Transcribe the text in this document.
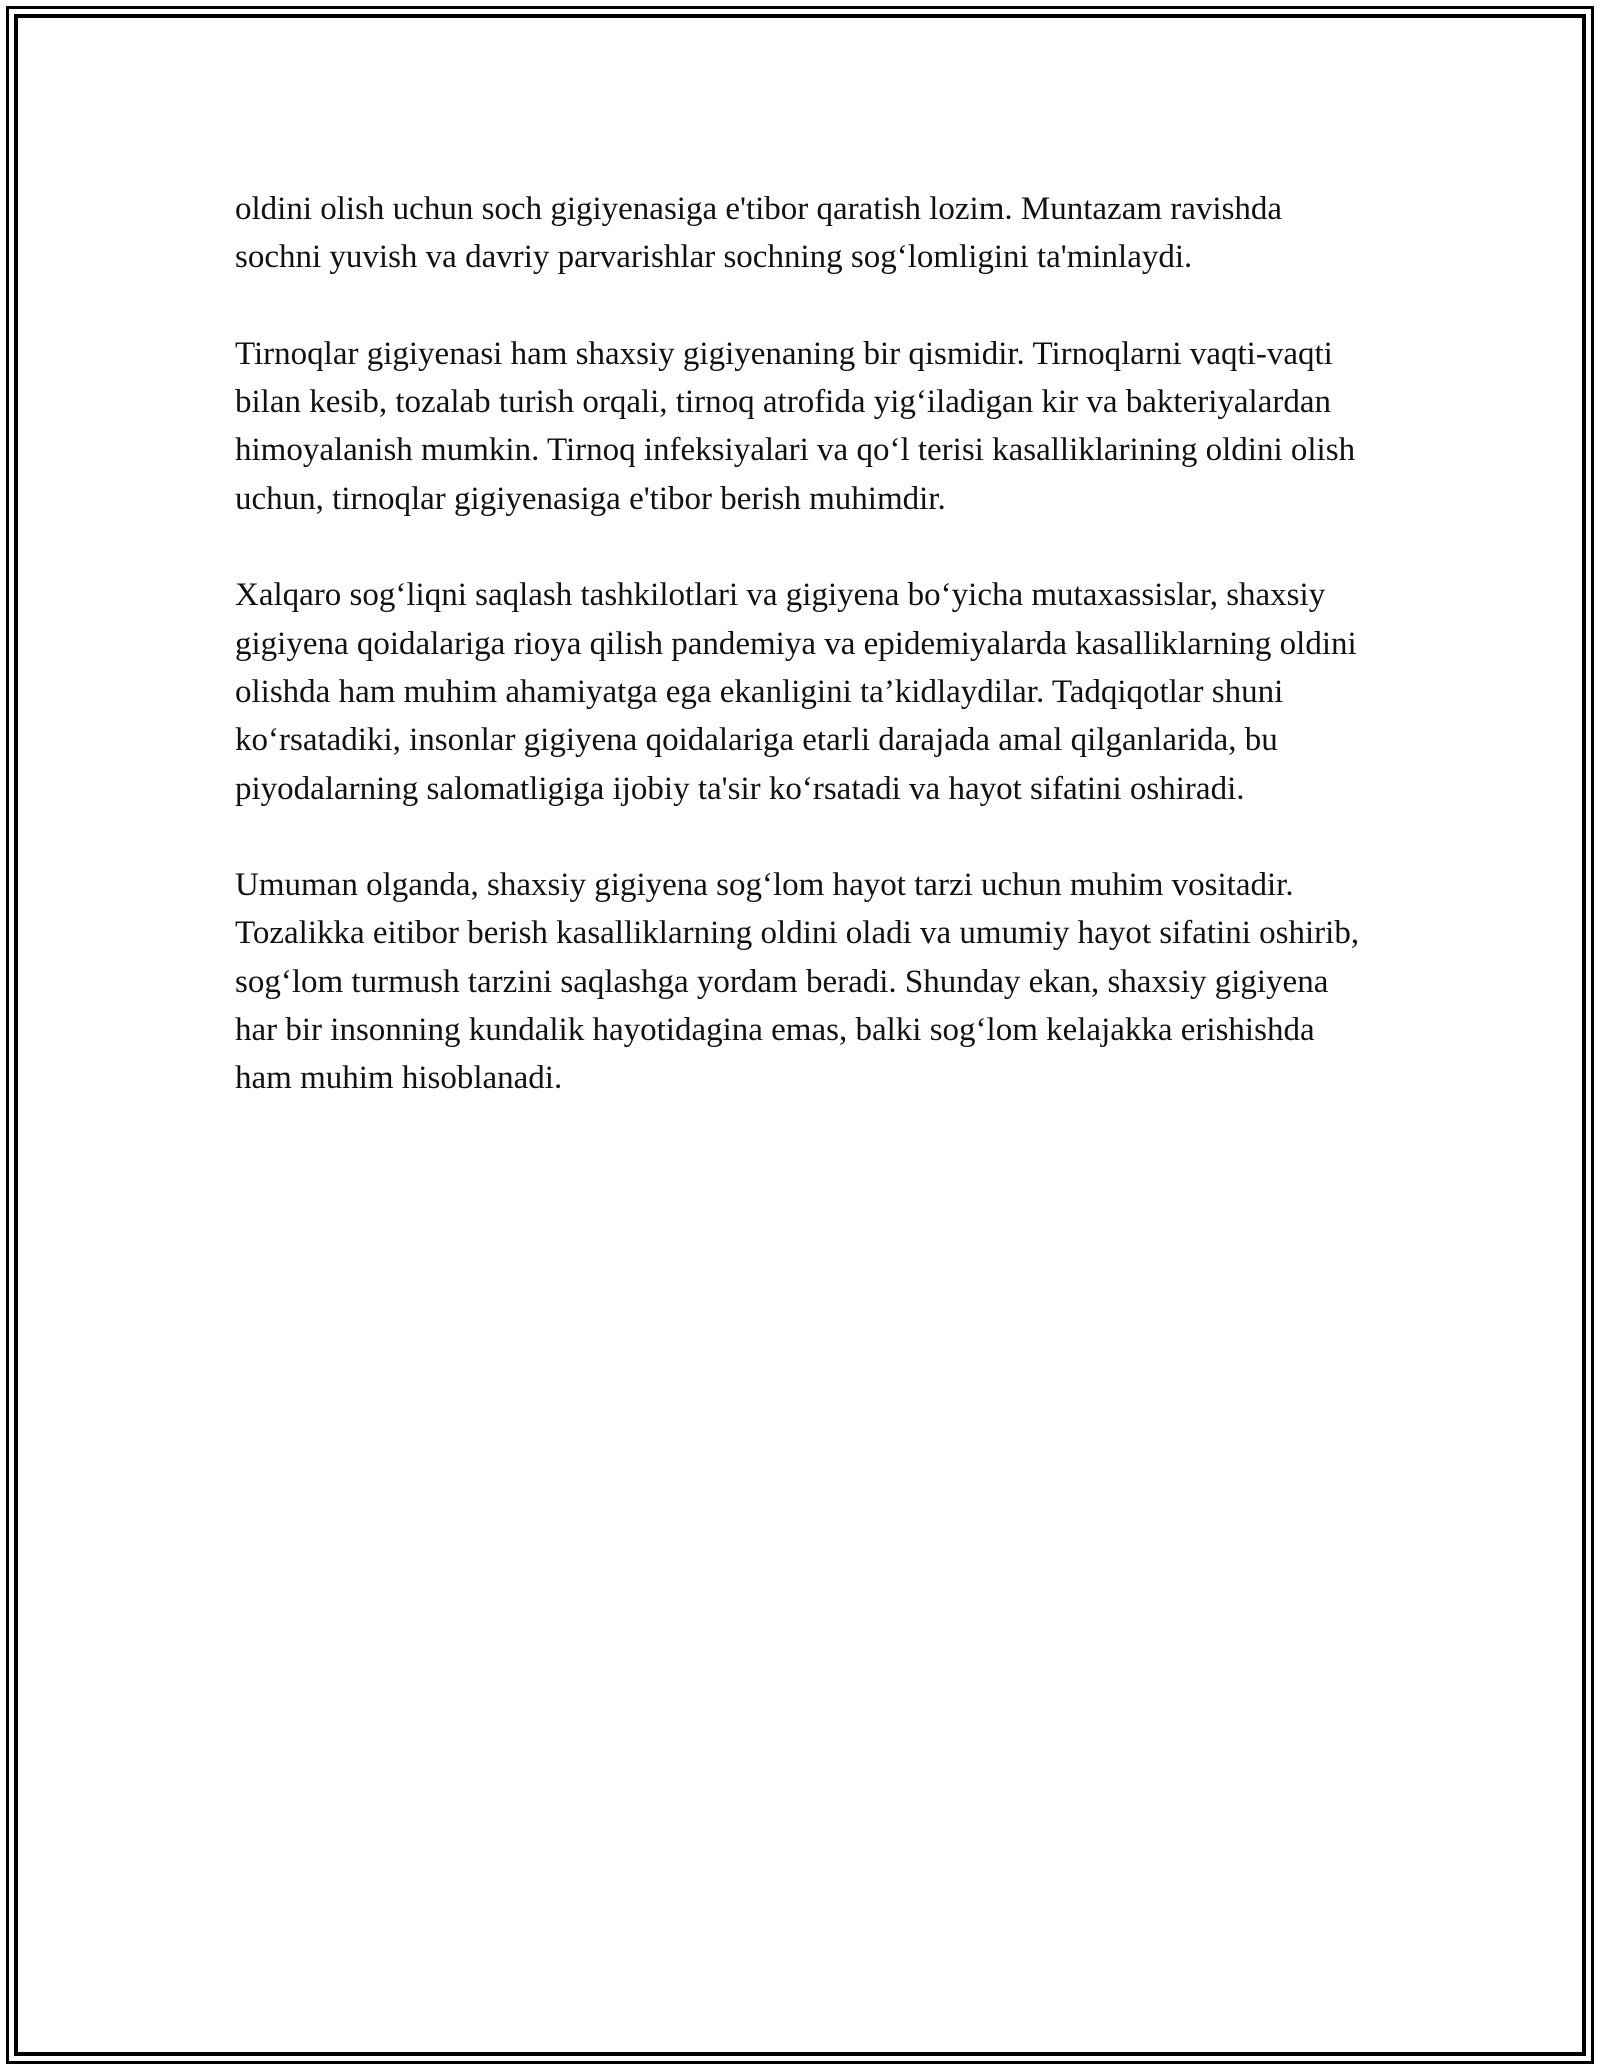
oldini olish uchun soch gigiyenasiga e'tibor qaratish lozim. Muntazam ravishda sochni yuvish va davriy parvarishlar sochning sog‘lomligini ta'minlaydi.

Tirnoqlar gigiyenasi ham shaxsiy gigiyenaning bir qismidir. Tirnoqlarni vaqti-vaqti bilan kesib, tozalab turish orqali, tirnoq atrofida yig‘iladigan kir va bakteriyalardan himoyalanish mumkin. Tirnoq infeksiyalari va qo‘l terisi kasalliklarining oldini olish uchun, tirnoqlar gigiyenasiga e'tibor berish muhimdir.

Xalqaro sog‘liqni saqlash tashkilotlari va gigiyena bo‘yicha mutaxassislar, shaxsiy gigiyena qoidalariga rioya qilish pandemiya va epidemiyalarda kasalliklarning oldini olishda ham muhim ahamiyatga ega ekanligini ta’kidlaydilar. Tadqiqotlar shuni ko‘rsatadiki, insonlar gigiyena qoidalariga etarli darajada amal qilganlarida, bu piyodalarning salomatligiga ijobiy ta'sir ko‘rsatadi va hayot sifatini oshiradi.

Umuman olganda, shaxsiy gigiyena sog‘lom hayot tarzi uchun muhim vositadir. Tozalikka eitibor berish kasalliklarning oldini oladi va umumiy hayot sifatini oshirib, sog‘lom turmush tarzini saqlashga yordam beradi. Shunday ekan, shaxsiy gigiyena har bir insonning kundalik hayotidagina emas, balki sog‘lom kelajakka erishishda ham muhim hisoblanadi.
